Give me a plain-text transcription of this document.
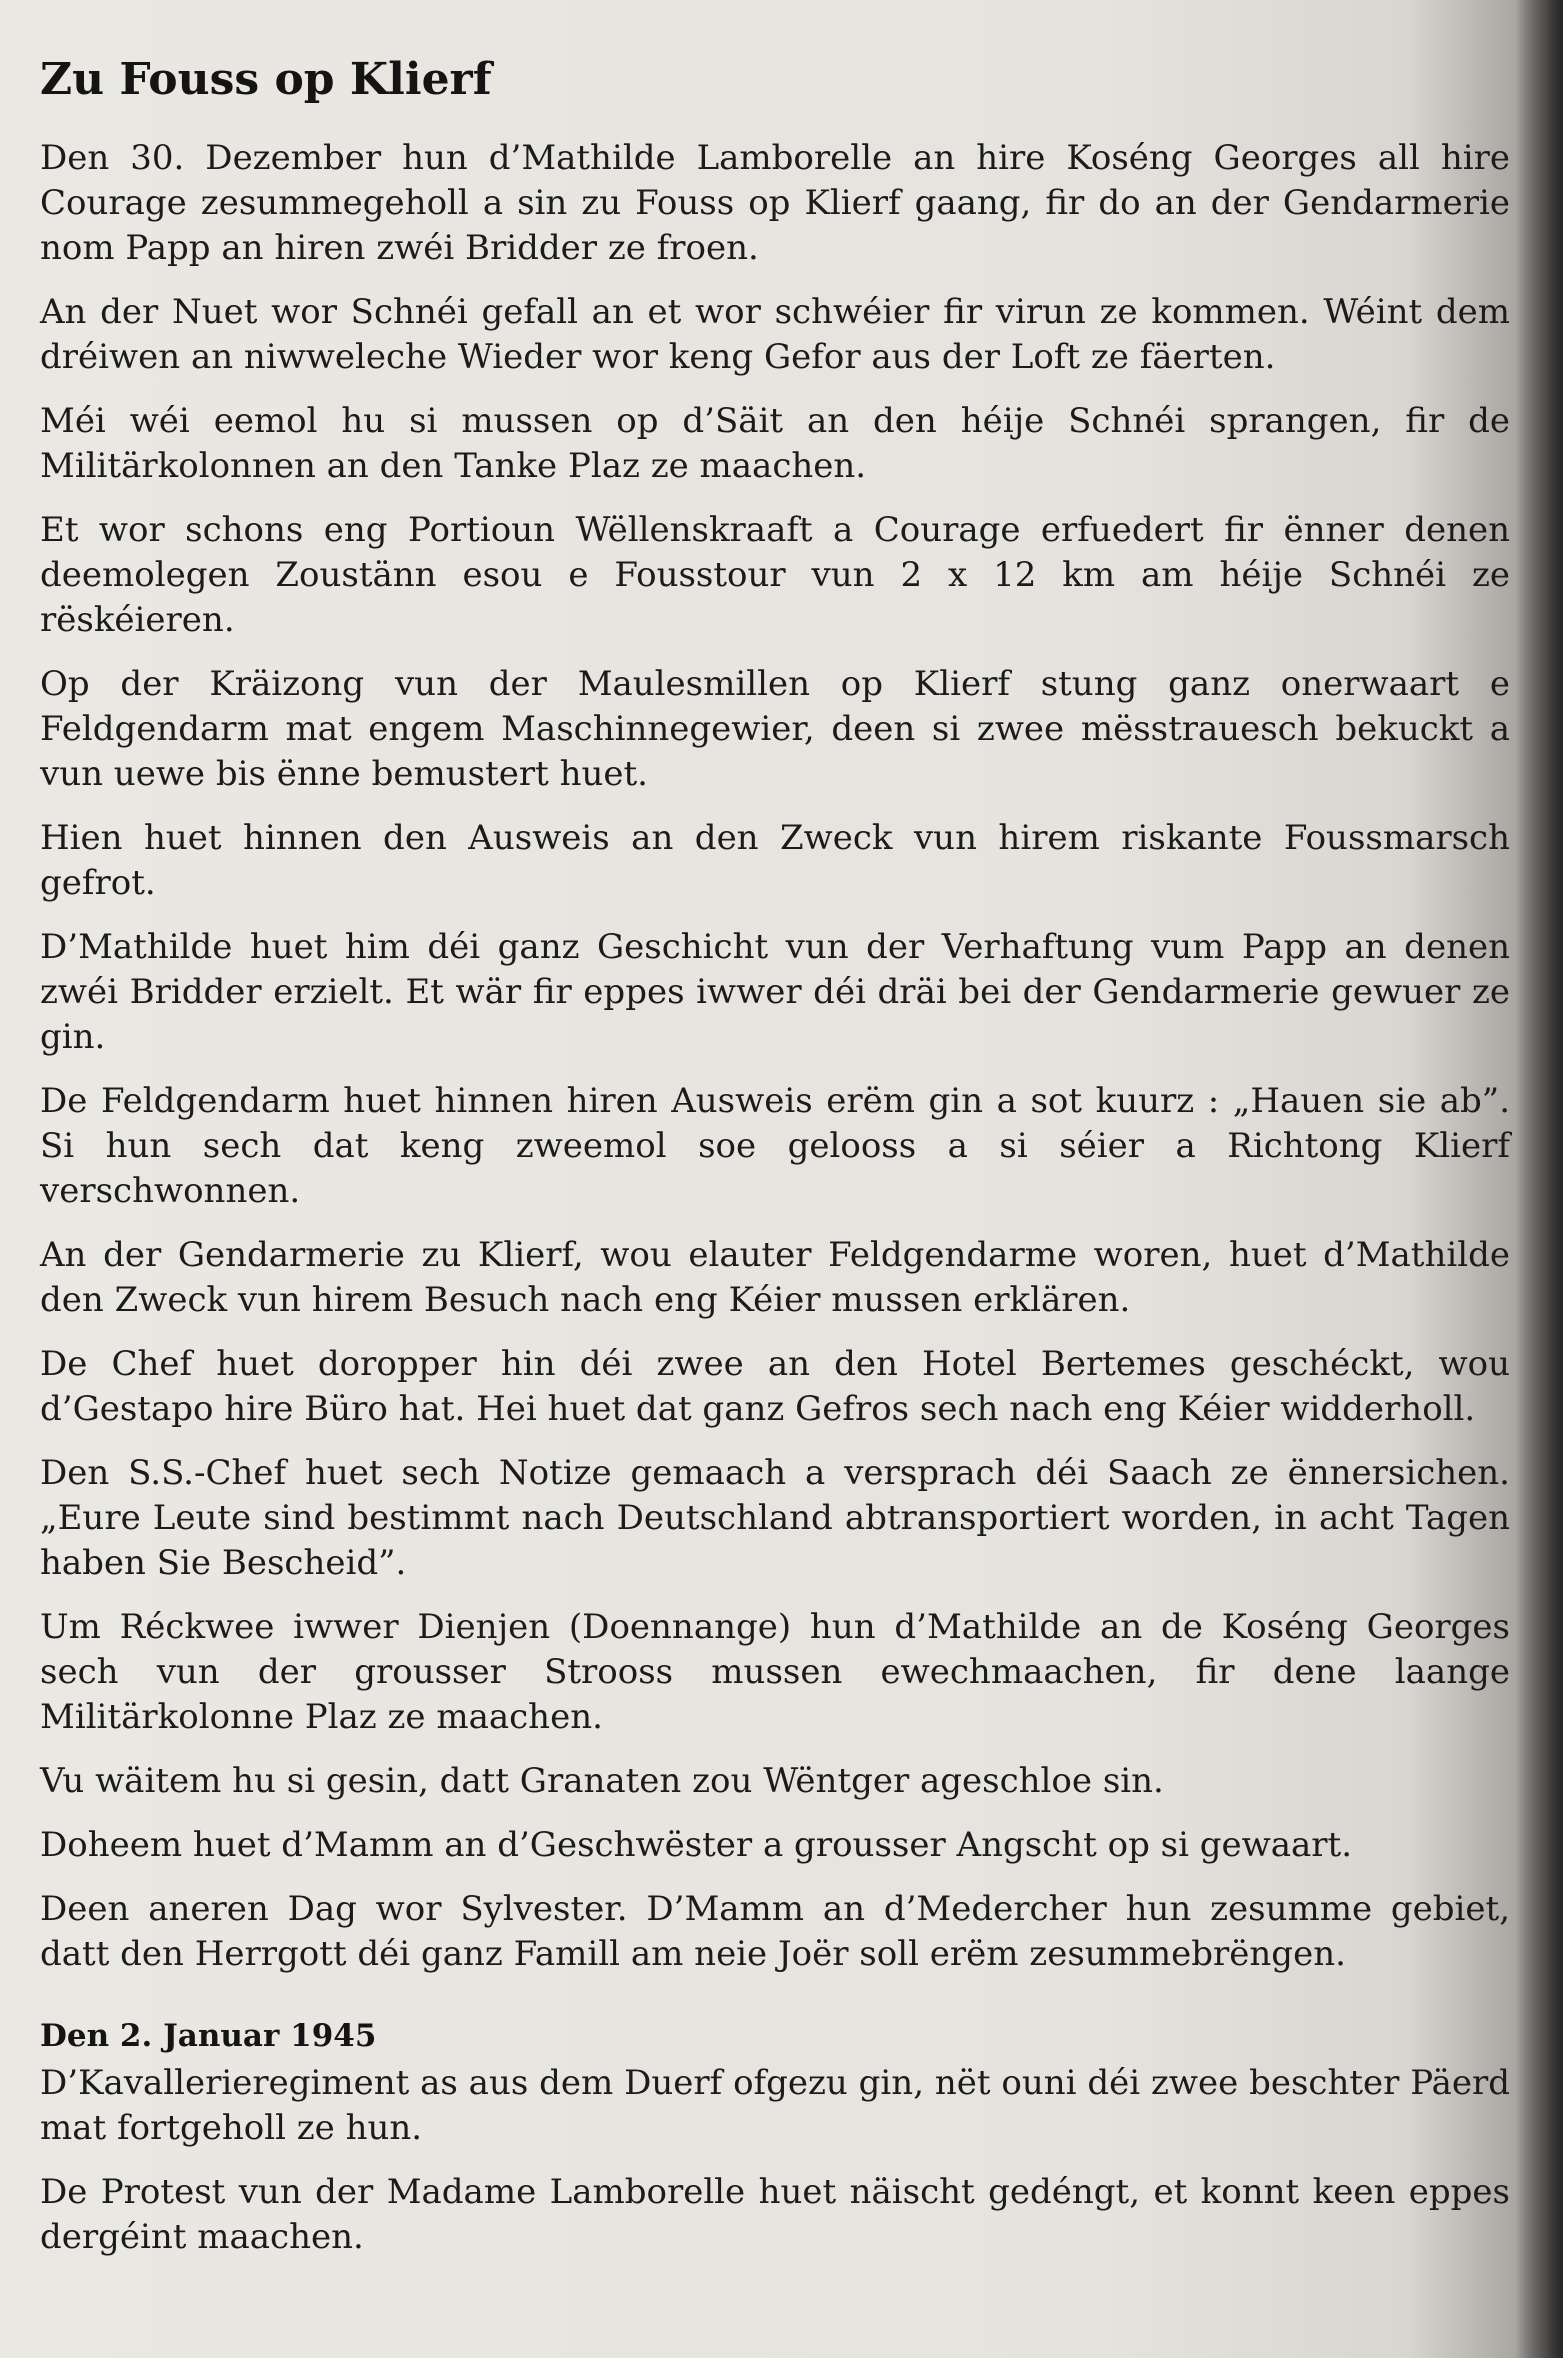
Zu Fouss op Klierf

Den 30. Dezember hun d’Mathilde Lamborelle an hire Koséng Georges all hire Courage zesummegeholl a sin zu Fouss op Klierf gaang, fir do an der Gendarmerie nom Papp an hiren zwéi Bridder ze froen.

An der Nuet wor Schnéi gefall an et wor schwéier fir virun ze kommen. Wéint dem dréiwen an niwweleche Wieder wor keng Gefor aus der Loft ze fäerten.

Méi wéi eemol hu si mussen op d’Säit an den héije Schnéi sprangen, fir de Militärkolonnen an den Tanke Plaz ze maachen.

Et wor schons eng Portioun Wëllenskraaft a Courage erfuedert fir ënner denen deemolegen Zoustänn esou e Fousstour vun 2 x 12 km am héije Schnéi ze rëskéieren.

Op der Kräizong vun der Maulesmillen op Klierf stung ganz onerwaart e Feldgendarm mat engem Maschinnegewier, deen si zwee mësstrauesch bekuckt a vun uewe bis ënne bemustert huet.

Hien huet hinnen den Ausweis an den Zweck vun hirem riskante Foussmarsch gefrot.

D’Mathilde huet him déi ganz Geschicht vun der Verhaftung vum Papp an denen zwéi Bridder erzielt. Et wär fir eppes iwwer déi dräi bei der Gendarmerie gewuer ze gin.

De Feldgendarm huet hinnen hiren Ausweis erëm gin a sot kuurz : „Hauen sie ab”. Si hun sech dat keng zweemol soe gelooss a si séier a Richtong Klierf verschwonnen.

An der Gendarmerie zu Klierf, wou elauter Feldgendarme woren, huet d’Mathilde den Zweck vun hirem Besuch nach eng Kéier mussen erklären.

De Chef huet doropper hin déi zwee an den Hotel Bertemes geschéckt, wou d’Gestapo hire Büro hat. Hei huet dat ganz Gefros sech nach eng Kéier widderholl.

Den S.S.-Chef huet sech Notize gemaach a versprach déi Saach ze ënnersichen. „Eure Leute sind bestimmt nach Deutschland abtransportiert worden, in acht Tagen haben Sie Bescheid”.

Um Réckwee iwwer Dienjen (Doennange) hun d’Mathilde an de Koséng Georges sech vun der grousser Strooss mussen ewechmaachen, fir dene laange Militärkolonne Plaz ze maachen.

Vu wäitem hu si gesin, datt Granaten zou Wëntger ageschloe sin.

Doheem huet d’Mamm an d’Geschwëster a grousser Angscht op si gewaart.

Deen aneren Dag wor Sylvester. D’Mamm an d’Medercher hun zesumme gebiet, datt den Herrgott déi ganz Famill am neie Joër soll erëm zesummebrëngen.

Den 2. Januar 1945

D’Kavallerieregiment as aus dem Duerf ofgezu gin, nët ouni déi zwee beschter Päerd mat fortgeholl ze hun.

De Protest vun der Madame Lamborelle huet näischt gedéngt, et konnt keen eppes dergéint maachen.
